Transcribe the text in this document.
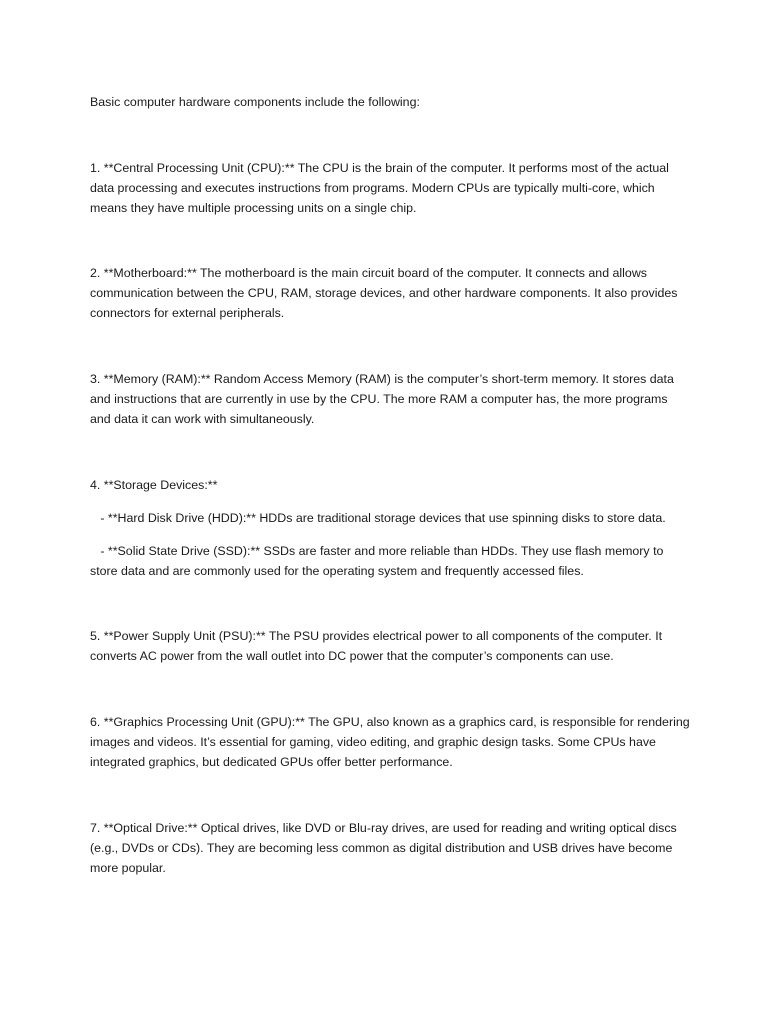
Basic computer hardware components include the following:

1. **Central Processing Unit (CPU):** The CPU is the brain of the computer. It performs most of the actual data processing and executes instructions from programs. Modern CPUs are typically multi-core, which means they have multiple processing units on a single chip.

2. **Motherboard:** The motherboard is the main circuit board of the computer. It connects and allows communication between the CPU, RAM, storage devices, and other hardware components. It also provides connectors for external peripherals.

3. **Memory (RAM):** Random Access Memory (RAM) is the computer’s short-term memory. It stores data and instructions that are currently in use by the CPU. The more RAM a computer has, the more programs and data it can work with simultaneously.

4. **Storage Devices:**

- **Hard Disk Drive (HDD):** HDDs are traditional storage devices that use spinning disks to store data.

- **Solid State Drive (SSD):** SSDs are faster and more reliable than HDDs. They use flash memory to store data and are commonly used for the operating system and frequently accessed files.

5. **Power Supply Unit (PSU):** The PSU provides electrical power to all components of the computer. It converts AC power from the wall outlet into DC power that the computer’s components can use.

6. **Graphics Processing Unit (GPU):** The GPU, also known as a graphics card, is responsible for rendering images and videos. It’s essential for gaming, video editing, and graphic design tasks. Some CPUs have integrated graphics, but dedicated GPUs offer better performance.

7. **Optical Drive:** Optical drives, like DVD or Blu-ray drives, are used for reading and writing optical discs (e.g., DVDs or CDs). They are becoming less common as digital distribution and USB drives have become more popular.
